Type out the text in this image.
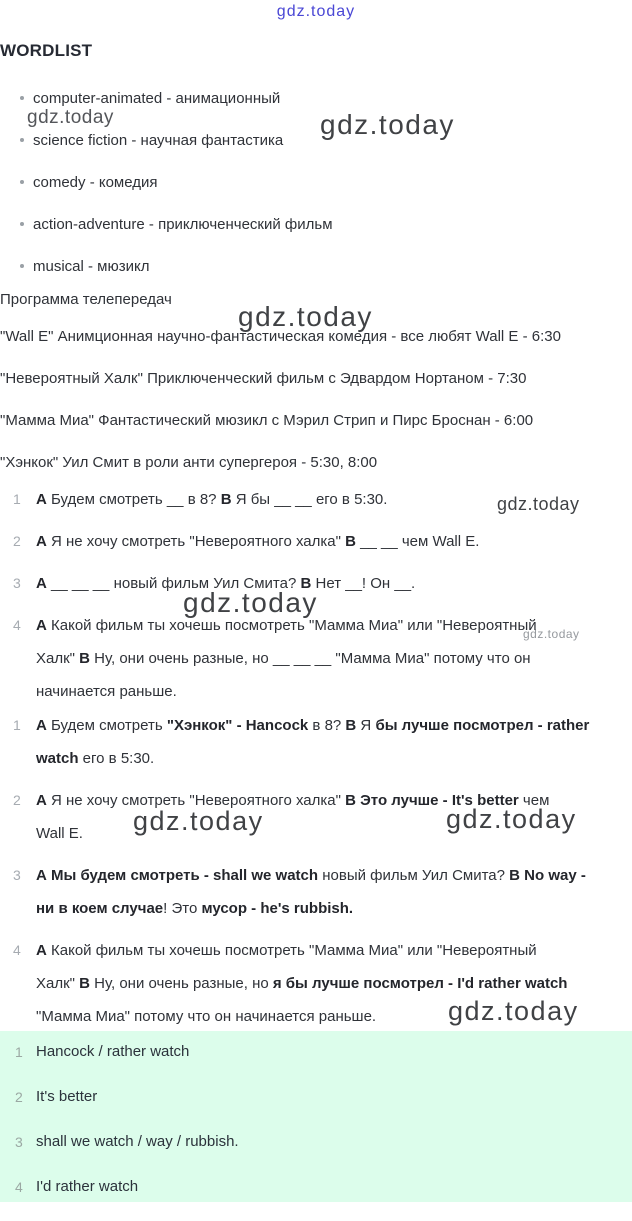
gdz.today
gdz.today	gdz.today
gdz.today
gdz.today
gdz.today
gdz.today
gdz.today	gdz.today
gdz.today
WORDLIST
computer-animated - анимационный
science fiction - научная фантастика
comedy - комедия
action-adventure - приключенческий фильм
musical - мюзикл

Программа телепередач

"Wall E" Анимционная научно-фантастическая комедия - все любят Wall E - 6:30
"Невероятный Халк" Приключенческий фильм с Эдвардом Нортаном - 7:30
"Мамма Миа" Фантастический мюзикл с Мэрил Стрип и Пирс Броснан - 6:00
"Хэнкок" Уил Смит в роли анти супергероя - 5:30, 8:00
1 А Будем смотреть __ в 8? В Я бы __ __ его в 5:30.
2 А Я не хочу смотреть "Невероятного халка" В __ __ чем Wall E.
3 А __ __ __ новый фильм Уил Смита? В Нет __! Он __.
4 А Какой фильм ты хочешь посмотреть "Мамма Миа" или "Невероятный
Халк" В Ну, они очень разные, но __ __ __ "Мамма Миа" потому что он
начинается раньше.
1 А Будем смотреть "Хэнкок" - Hancock в 8? В Я бы лучше посмотрел - rather
watch его в 5:30.
2 А Я не хочу смотреть "Невероятного халка" В Это лучше - It's better чем
Wall E.
3 А Мы будем смотреть - shall we watch новый фильм Уил Смита? В No way -
ни в коем случае! Это мусор - he's rubbish.
4 А Какой фильм ты хочешь посмотреть "Мамма Миа" или "Невероятный
Халк" В Ну, они очень разные, но я бы лучше посмотрел - I'd rather watch
"Мамма Миа" потому что он начинается раньше.
1 Hancock / rather watch
2 It's better
3 shall we watch / way / rubbish.
4 I'd rather watch
